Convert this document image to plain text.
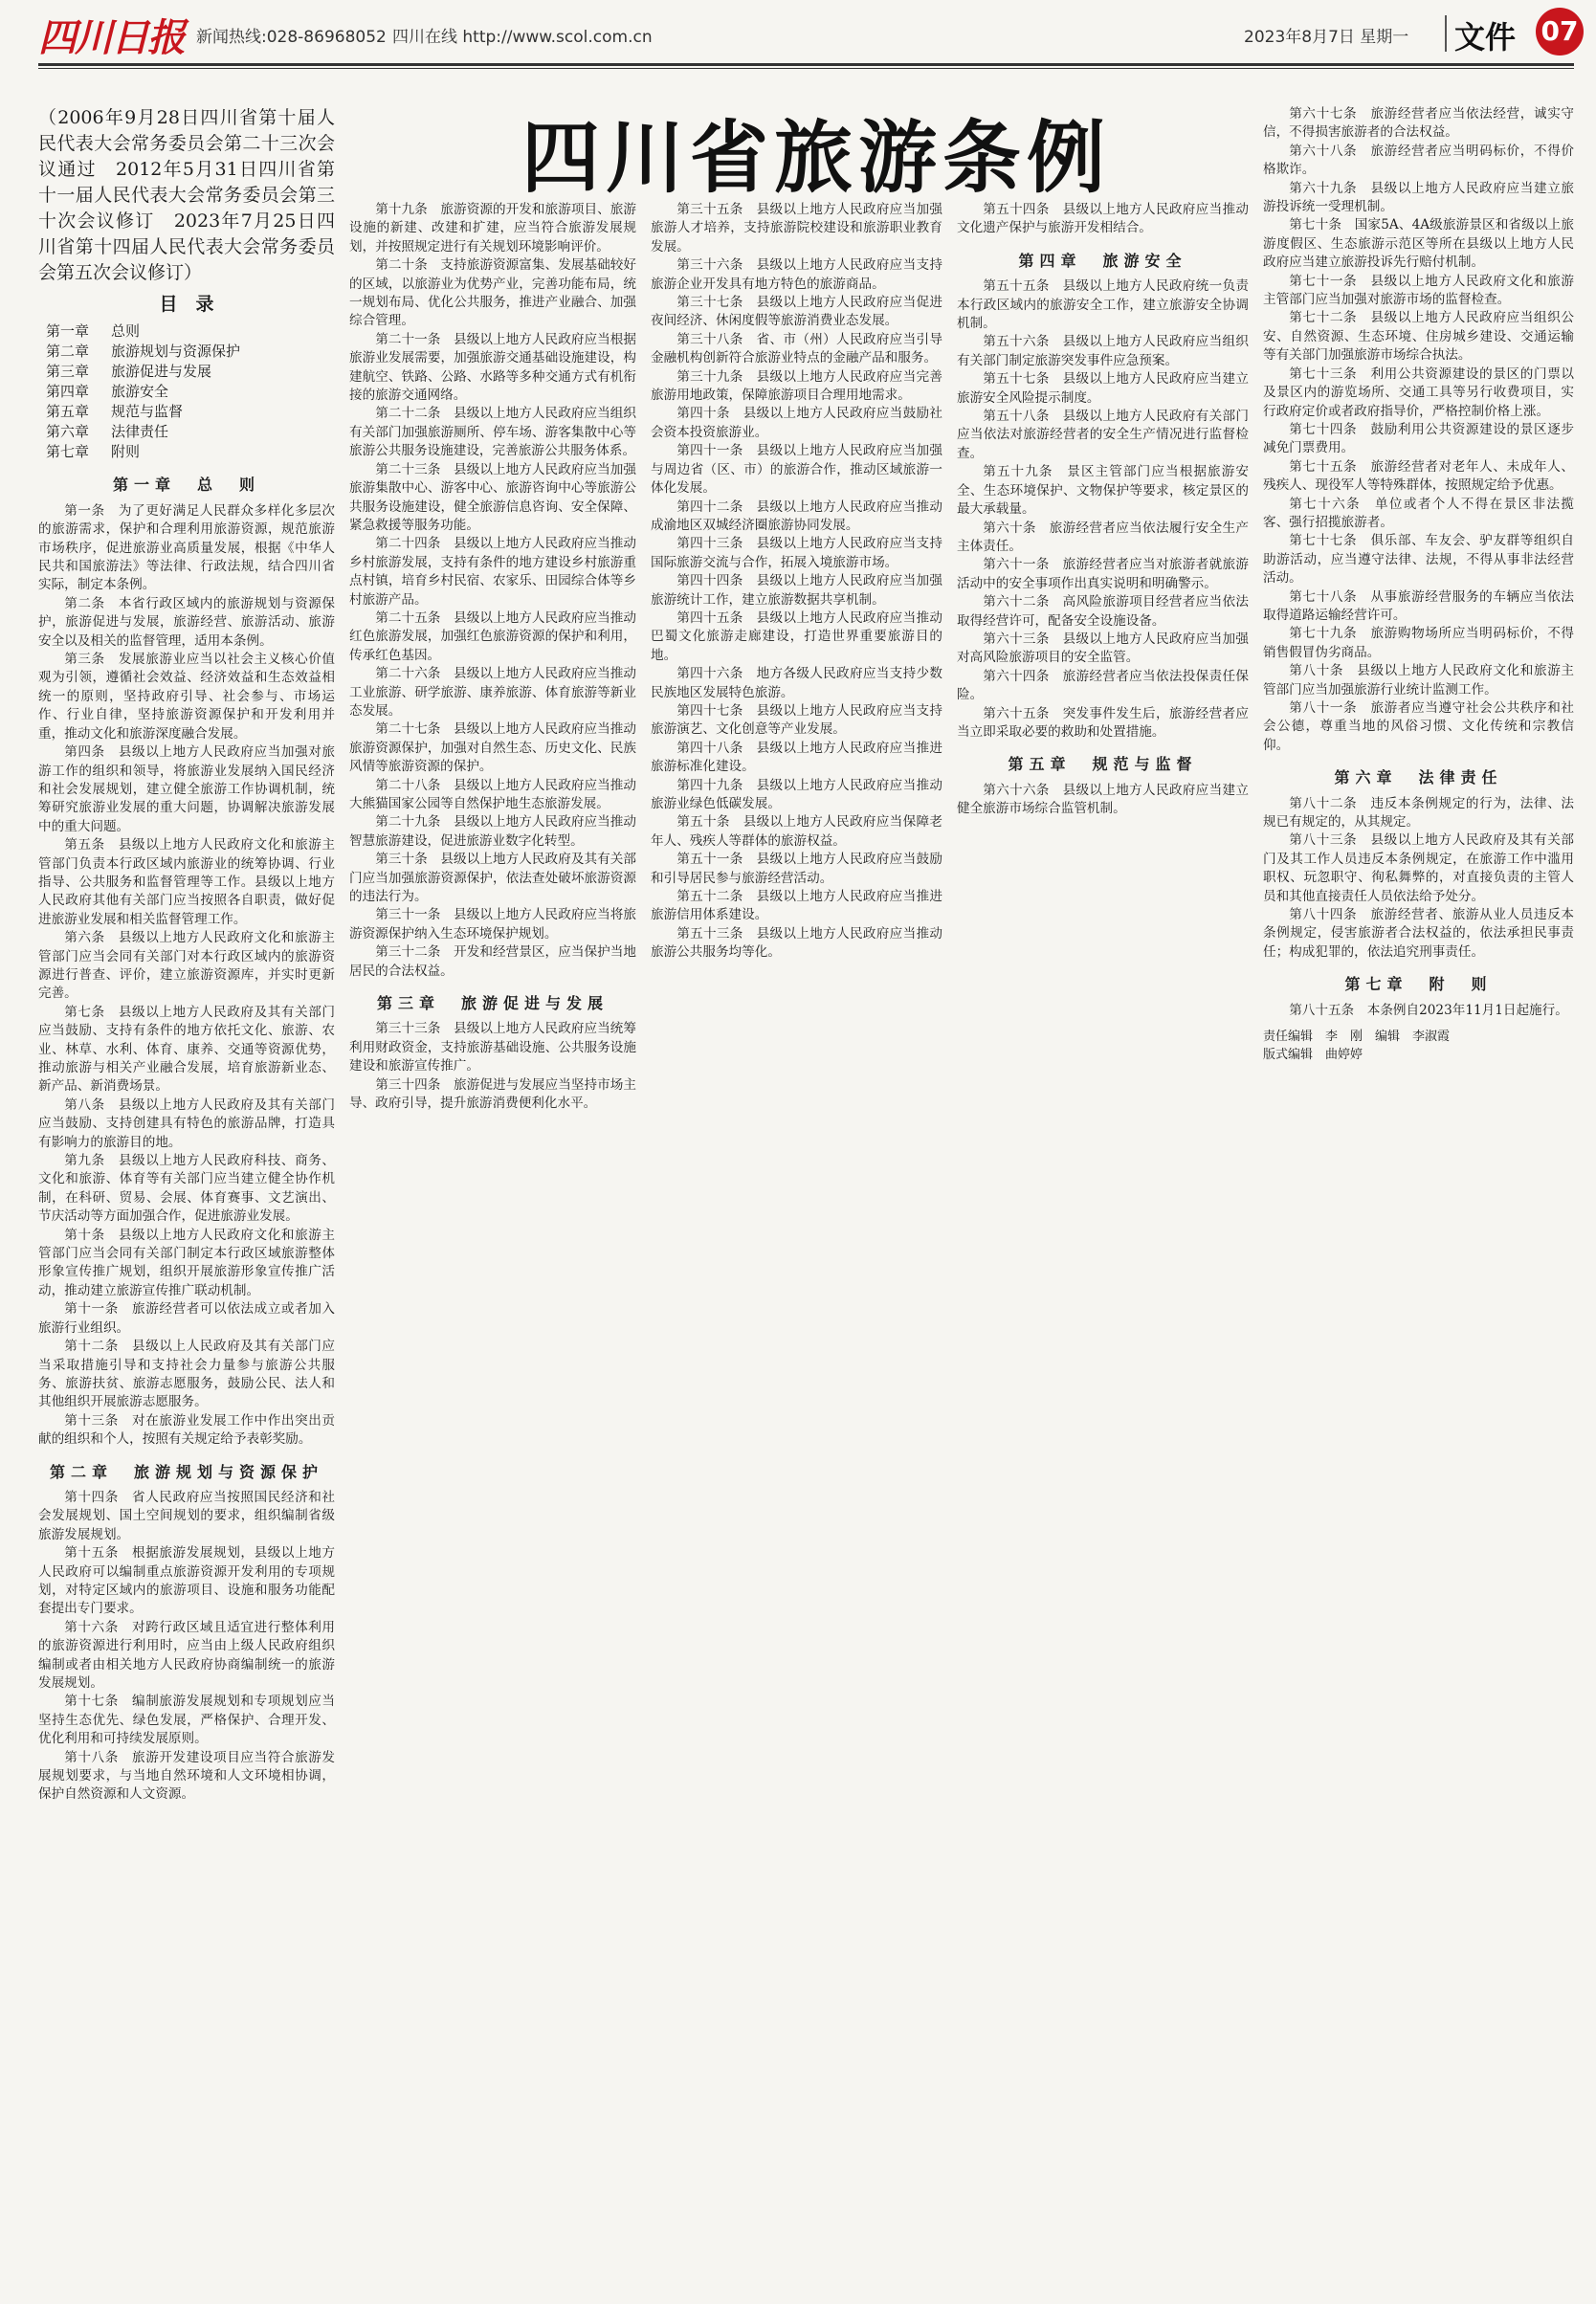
四川日报 新闻热线:028-86968052 四川在线 http://www.scol.com.cn	2023年8月7日 星期一 文件 07
四川省旅游条例

（2006年9月28日四川省第十届人民代表大会常务委员会第二十三次会议通过　2012年5月31日四川省第十一届人民代表大会常务委员会第三十次会议修订　2023年7月25日四川省第十四届人民代表大会常务委员会第五次会议修订）

目　录
第一章 总则
第二章 旅游规划与资源保护
第三章 旅游促进与发展
第四章 旅游安全
第五章 规范与监督
第六章 法律责任
第七章 附则
第一章　总　则

第一条　为了更好满足人民群众多样化多层次的旅游需求，保护和合理利用旅游资源，规范旅游市场秩序，促进旅游业高质量发展，根据《中华人民共和国旅游法》等法律、行政法规，结合四川省实际，制定本条例。

第二条　本省行政区域内的旅游规划与资源保护，旅游促进与发展，旅游经营、旅游活动、旅游安全以及相关的监督管理，适用本条例。

第三条　发展旅游业应当以社会主义核心价值观为引领，遵循社会效益、经济效益和生态效益相统一的原则，坚持政府引导、社会参与、市场运作、行业自律，坚持旅游资源保护和开发利用并重，推动文化和旅游深度融合发展。

第四条　县级以上地方人民政府应当加强对旅游工作的组织和领导，将旅游业发展纳入国民经济和社会发展规划，建立健全旅游工作协调机制，统筹研究旅游业发展的重大问题，协调解决旅游发展中的重大问题。

第五条　县级以上地方人民政府文化和旅游主管部门负责本行政区域内旅游业的统筹协调、行业指导、公共服务和监督管理等工作。县级以上地方人民政府其他有关部门应当按照各自职责，做好促进旅游业发展和相关监督管理工作。

第六条　县级以上地方人民政府文化和旅游主管部门应当会同有关部门对本行政区域内的旅游资源进行普查、评价，建立旅游资源库，并实时更新完善。

第七条　县级以上地方人民政府及其有关部门应当鼓励、支持有条件的地方依托文化、旅游、农业、林草、水利、体育、康养、交通等资源优势，推动旅游与相关产业融合发展，培育旅游新业态、新产品、新消费场景。

第八条　县级以上地方人民政府及其有关部门应当鼓励、支持创建具有特色的旅游品牌，打造具有影响力的旅游目的地。

第九条　县级以上地方人民政府科技、商务、文化和旅游、体育等有关部门应当建立健全协作机制，在科研、贸易、会展、体育赛事、文艺演出、节庆活动等方面加强合作，促进旅游业发展。

第十条　县级以上地方人民政府文化和旅游主管部门应当会同有关部门制定本行政区域旅游整体形象宣传推广规划，组织开展旅游形象宣传推广活动，推动建立旅游宣传推广联动机制。

第十一条　旅游经营者可以依法成立或者加入旅游行业组织。

第十二条　县级以上人民政府及其有关部门应当采取措施引导和支持社会力量参与旅游公共服务、旅游扶贫、旅游志愿服务，鼓励公民、法人和其他组织开展旅游志愿服务。

第十三条　对在旅游业发展工作中作出突出贡献的组织和个人，按照有关规定给予表彰奖励。

第二章　旅游规划与资源保护

第十四条　省人民政府应当按照国民经济和社会发展规划、国土空间规划的要求，组织编制省级旅游发展规划。

第十五条　根据旅游发展规划，县级以上地方人民政府可以编制重点旅游资源开发利用的专项规划，对特定区域内的旅游项目、设施和服务功能配套提出专门要求。

第十六条　对跨行政区域且适宜进行整体利用的旅游资源进行利用时，应当由上级人民政府组织编制或者由相关地方人民政府协商编制统一的旅游发展规划。

第十七条　编制旅游发展规划和专项规划应当坚持生态优先、绿色发展，严格保护、合理开发、优化利用和可持续发展原则。

第十八条　旅游开发建设项目应当符合旅游发展规划要求，与当地自然环境和人文环境相协调，保护自然资源和人文资源。

第十九条　旅游资源的开发和旅游项目、旅游设施的新建、改建和扩建，应当符合旅游发展规划，并按照规定进行有关规划环境影响评价。

第二十条　支持旅游资源富集、发展基础较好的区域，以旅游业为优势产业，完善功能布局，统一规划布局、优化公共服务，推进产业融合、加强综合管理。

第二十一条　县级以上地方人民政府应当根据旅游业发展需要，加强旅游交通基础设施建设，构建航空、铁路、公路、水路等多种交通方式有机衔接的旅游交通网络。

第二十二条　县级以上地方人民政府应当组织有关部门加强旅游厕所、停车场、游客集散中心等旅游公共服务设施建设，完善旅游公共服务体系。

第二十三条　县级以上地方人民政府应当加强旅游集散中心、游客中心、旅游咨询中心等旅游公共服务设施建设，健全旅游信息咨询、安全保障、紧急救援等服务功能。

第二十四条　县级以上地方人民政府应当推动乡村旅游发展，支持有条件的地方建设乡村旅游重点村镇，培育乡村民宿、农家乐、田园综合体等乡村旅游产品。

第二十五条　县级以上地方人民政府应当推动红色旅游发展，加强红色旅游资源的保护和利用，传承红色基因。

第二十六条　县级以上地方人民政府应当推动工业旅游、研学旅游、康养旅游、体育旅游等新业态发展。

第二十七条　县级以上地方人民政府应当推动旅游资源保护，加强对自然生态、历史文化、民族风情等旅游资源的保护。

第二十八条　县级以上地方人民政府应当推动大熊猫国家公园等自然保护地生态旅游发展。

第二十九条　县级以上地方人民政府应当推动智慧旅游建设，促进旅游业数字化转型。

第三十条　县级以上地方人民政府及其有关部门应当加强旅游资源保护，依法查处破坏旅游资源的违法行为。

第三十一条　县级以上地方人民政府应当将旅游资源保护纳入生态环境保护规划。

第三十二条　开发和经营景区，应当保护当地居民的合法权益。

第三章　旅游促进与发展

第三十三条　县级以上地方人民政府应当统筹利用财政资金，支持旅游基础设施、公共服务设施建设和旅游宣传推广。

第三十四条　旅游促进与发展应当坚持市场主导、政府引导，提升旅游消费便利化水平。

第三十五条　县级以上地方人民政府应当加强旅游人才培养，支持旅游院校建设和旅游职业教育发展。

第三十六条　县级以上地方人民政府应当支持旅游企业开发具有地方特色的旅游商品。

第三十七条　县级以上地方人民政府应当促进夜间经济、休闲度假等旅游消费业态发展。

第三十八条　省、市（州）人民政府应当引导金融机构创新符合旅游业特点的金融产品和服务。

第三十九条　县级以上地方人民政府应当完善旅游用地政策，保障旅游项目合理用地需求。

第四十条　县级以上地方人民政府应当鼓励社会资本投资旅游业。

第四十一条　县级以上地方人民政府应当加强与周边省（区、市）的旅游合作，推动区域旅游一体化发展。

第四十二条　县级以上地方人民政府应当推动成渝地区双城经济圈旅游协同发展。

第四十三条　县级以上地方人民政府应当支持国际旅游交流与合作，拓展入境旅游市场。

第四十四条　县级以上地方人民政府应当加强旅游统计工作，建立旅游数据共享机制。

第四十五条　县级以上地方人民政府应当推动巴蜀文化旅游走廊建设，打造世界重要旅游目的地。

第四十六条　地方各级人民政府应当支持少数民族地区发展特色旅游。

第四十七条　县级以上地方人民政府应当支持旅游演艺、文化创意等产业发展。

第四十八条　县级以上地方人民政府应当推进旅游标准化建设。

第四十九条　县级以上地方人民政府应当推动旅游业绿色低碳发展。

第五十条　县级以上地方人民政府应当保障老年人、残疾人等群体的旅游权益。

第五十一条　县级以上地方人民政府应当鼓励和引导居民参与旅游经营活动。

第五十二条　县级以上地方人民政府应当推进旅游信用体系建设。

第五十三条　县级以上地方人民政府应当推动旅游公共服务均等化。

第五十四条　县级以上地方人民政府应当推动文化遗产保护与旅游开发相结合。

第四章　旅游安全

第五十五条　县级以上地方人民政府统一负责本行政区域内的旅游安全工作，建立旅游安全协调机制。

第五十六条　县级以上地方人民政府应当组织有关部门制定旅游突发事件应急预案。

第五十七条　县级以上地方人民政府应当建立旅游安全风险提示制度。

第五十八条　县级以上地方人民政府有关部门应当依法对旅游经营者的安全生产情况进行监督检查。

第五十九条　景区主管部门应当根据旅游安全、生态环境保护、文物保护等要求，核定景区的最大承载量。

第六十条　旅游经营者应当依法履行安全生产主体责任。

第六十一条　旅游经营者应当对旅游者就旅游活动中的安全事项作出真实说明和明确警示。

第六十二条　高风险旅游项目经营者应当依法取得经营许可，配备安全设施设备。

第六十三条　县级以上地方人民政府应当加强对高风险旅游项目的安全监管。

第六十四条　旅游经营者应当依法投保责任保险。

第六十五条　突发事件发生后，旅游经营者应当立即采取必要的救助和处置措施。

第五章　规范与监督

第六十六条　县级以上地方人民政府应当建立健全旅游市场综合监管机制。

第六十七条　旅游经营者应当依法经营，诚实守信，不得损害旅游者的合法权益。

第六十八条　旅游经营者应当明码标价，不得价格欺诈。

第六十九条　县级以上地方人民政府应当建立旅游投诉统一受理机制。

第七十条　国家5A、4A级旅游景区和省级以上旅游度假区、生态旅游示范区等所在县级以上地方人民政府应当建立旅游投诉先行赔付机制。

第七十一条　县级以上地方人民政府文化和旅游主管部门应当加强对旅游市场的监督检查。

第七十二条　县级以上地方人民政府应当组织公安、自然资源、生态环境、住房城乡建设、交通运输等有关部门加强旅游市场综合执法。

第七十三条　利用公共资源建设的景区的门票以及景区内的游览场所、交通工具等另行收费项目，实行政府定价或者政府指导价，严格控制价格上涨。

第七十四条　鼓励利用公共资源建设的景区逐步减免门票费用。

第七十五条　旅游经营者对老年人、未成年人、残疾人、现役军人等特殊群体，按照规定给予优惠。

第七十六条　单位或者个人不得在景区非法揽客、强行招揽旅游者。

第七十七条　俱乐部、车友会、驴友群等组织自助游活动，应当遵守法律、法规，不得从事非法经营活动。

第七十八条　从事旅游经营服务的车辆应当依法取得道路运输经营许可。

第七十九条　旅游购物场所应当明码标价，不得销售假冒伪劣商品。

第八十条　县级以上地方人民政府文化和旅游主管部门应当加强旅游行业统计监测工作。

第八十一条　旅游者应当遵守社会公共秩序和社会公德，尊重当地的风俗习惯、文化传统和宗教信仰。

第六章　法律责任

第八十二条　违反本条例规定的行为，法律、法规已有规定的，从其规定。

第八十三条　县级以上地方人民政府及其有关部门及其工作人员违反本条例规定，在旅游工作中滥用职权、玩忽职守、徇私舞弊的，对直接负责的主管人员和其他直接责任人员依法给予处分。

第八十四条　旅游经营者、旅游从业人员违反本条例规定，侵害旅游者合法权益的，依法承担民事责任；构成犯罪的，依法追究刑事责任。

第七章　附　则

第八十五条　本条例自2023年11月1日起施行。

责任编辑　李　刚　编辑　李淑霞

版式编辑　曲婷婷
